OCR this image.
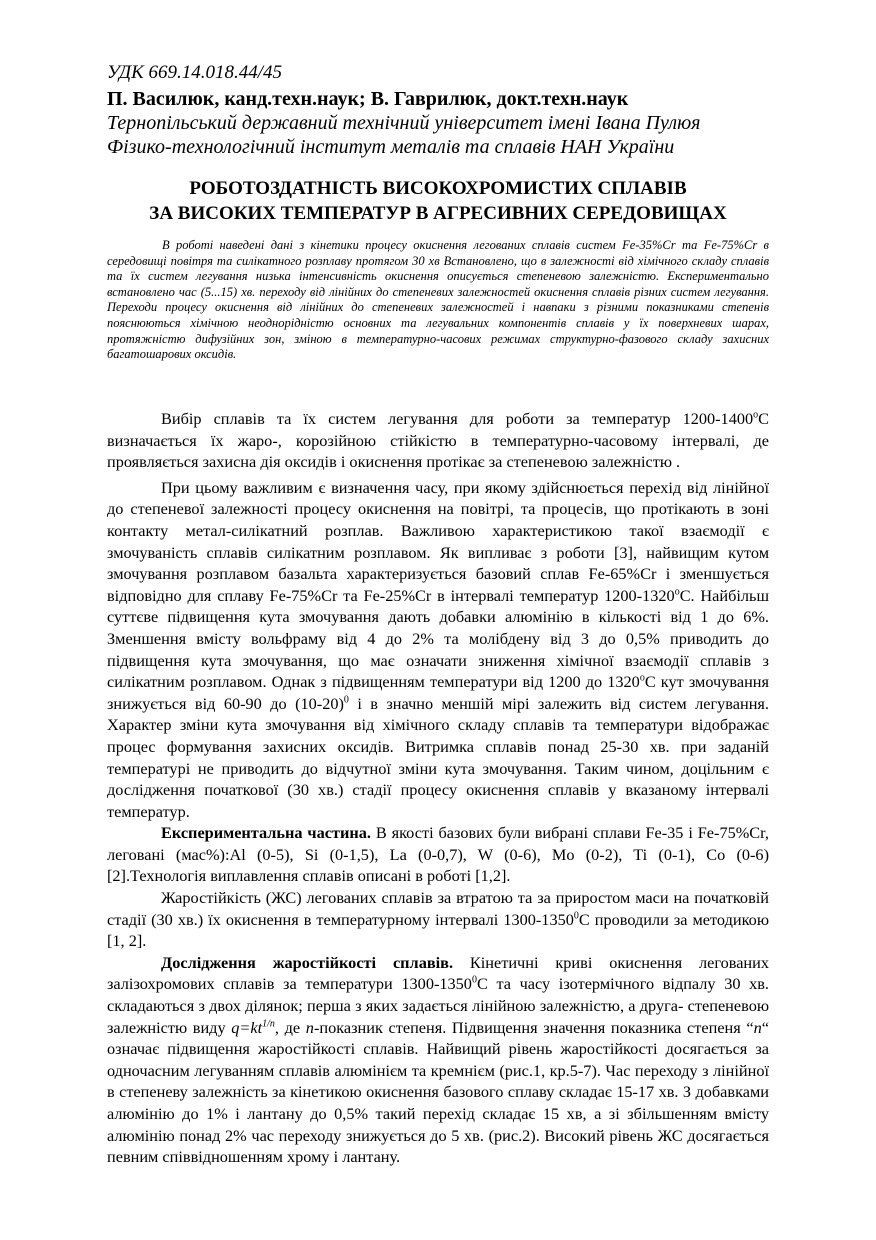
УДК 669.14.018.44/45
П. Василюк, канд.техн.наук; В. Гаврилюк, докт.техн.наук
Тернопільський державний технічний університет імені Івана Пулюя
Фізико-технологічний інститут металів та сплавів НАН України
РОБОТОЗДАТНІСТЬ ВИСОКОХРОМИСТИХ СПЛАВІВ
ЗА ВИСОКИХ ТЕМПЕРАТУР В АГРЕСИВНИХ СЕРЕДОВИЩАХ
В роботі наведені дані з кінетики процесу окиснення легованих сплавів систем Fe-35%Cr та Fe-75%Cr в середовищі повітря та силікатного розплаву протягом 30 хв Встановлено, що в залежності від хімічного складу сплавів та їх систем легування низька інтенсивність окиснення описується степеневою залежністю. Експериментально встановлено час (5...15) хв. переходу від лінійних до степеневих залежностей окиснення сплавів різних систем легування. Переходи процесу окиснення від лінійних до степеневих залежностей і навпаки з різними показниками степенів пояснюються хімічною неоднорідністю основних та легувальних компонентів сплавів у їх поверхневих шарах, протяжністю дифузійних зон, зміною в температурно-часових режимах структурно-фазового складу захисних багатошарових оксидів.

Вибір сплавів та їх систем легування для роботи за температур 1200-1400$^o$С визначається їх жаро-, корозійною стійкістю в температурно-часовому інтервалі, де проявляється захисна дія оксидів і окиснення протікає за степеневою залежністю .

При цьому важливим є визначення часу, при якому здійснюється перехід від лінійної до степеневої залежності процесу окиснення на повітрі, та процесів, що протікають в зоні контакту метал-силікатний розплав. Важливою характеристикою такої взаємодії є змочуваність сплавів силікатним розплавом. Як випливає з роботи [3], найвищим кутом змочування розплавом базальта характеризується базовий сплав Fe-65%Cr і зменшується відповідно для сплаву Fe-75%Cr та Fe-25%Cr в інтервалі температур 1200-1320$^o$С. Найбільш суттєве підвищення кута змочування дають добавки алюмінію в кількості від 1 до 6%. Зменшення вмісту вольфраму від 4 до 2% та молібдену від 3 до 0,5% приводить до підвищення кута змочування, що має означати зниження хімічної взаємодії сплавів з силікатним розплавом. Однак з підвищенням температури від 1200 до 1320$^o$С кут змочування знижується від 60-90 до $(10-20)^0$ і в значно меншій мірі залежить від систем легування. Характер зміни кута змочування від хімічного складу сплавів та температури відображає процес формування захисних оксидів. Витримка сплавів понад 25-30 хв. при заданій температурі не приводить до відчутної зміни кута змочування. Таким чином, доцільним є дослідження початкової (30 хв.) стадії процесу окиснення сплавів у вказаному інтервалі температур.

Експериментальна частина. В якості базових були вибрані сплави Fe-35 і Fe-75%Cr, леговані (мас%):Al (0-5), Si (0-1,5), La (0-0,7), W (0-6), Mo (0-2), Ti (0-1), Co (0-6) [2].Технологія виплавлення сплавів описані в роботі [1,2].

Жаростійкість (ЖС) легованих сплавів за втратою та за приростом маси на початковій стадії (30 хв.) їх окиснення в температурному інтервалі 1300-1350$^0$С проводили за методикою [1, 2].

Дослідження жаростійкості сплавів. Кінетичні криві окиснення легованих залізохромових сплавів за температури 1300-1350$^0$С та часу ізотермічного відпалу 30 хв. складаються з двох ділянок; перша з яких задається лінійною залежністю, а друга- степеневою залежністю виду $q=kt^{1/n}$, де n-показник степеня. Підвищення значення показника степеня “n“ означає підвищення жаростійкості сплавів. Найвищий рівень жаростійкості досягається за одночасним легуванням сплавів алюмінієм та кремнієм (рис.1, кр.5-7). Час переходу з лінійної в степеневу залежність за кінетикою окиснення базового сплаву складає 15-17 хв. З добавками алюмінію до 1% і лантану до 0,5% такий перехід складає 15 хв, а зі збільшенням вмісту алюмінію понад 2% час переходу знижується до 5 хв. (рис.2). Високий рівень ЖС досягається певним співвідношенням хрому і лантану.
